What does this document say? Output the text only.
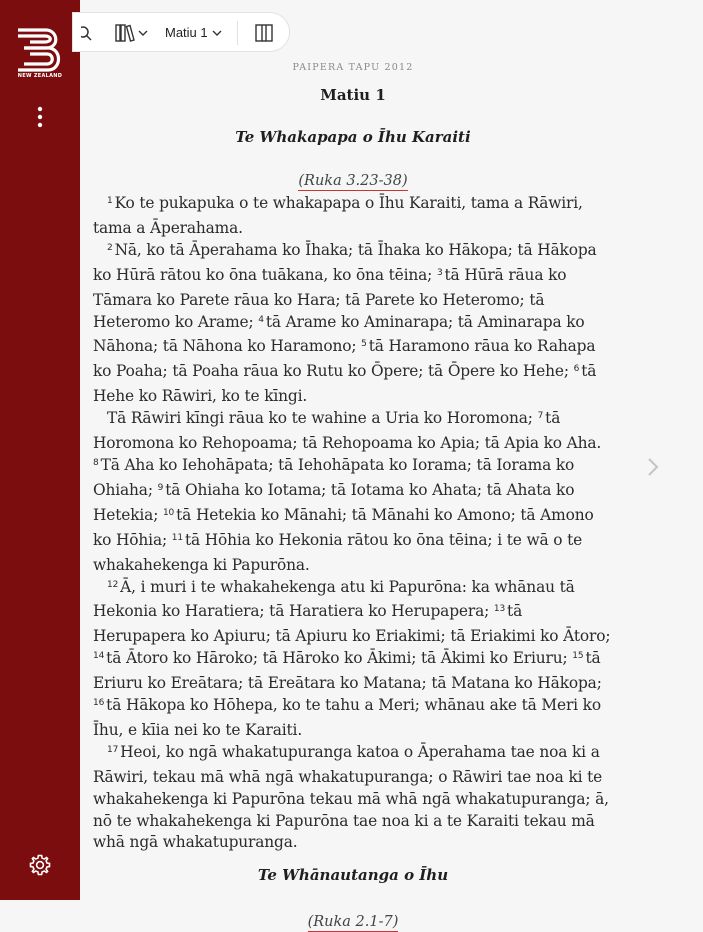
NEW ZEALAND
Matiu 1

PAIPERA TAPU 2012

Matiu 1

Te Whakapapa o Īhu Karaiti

(Ruka 3.23-38)

$^1$ Ko te pukapuka o te whakapapa o Īhu Karaiti, tama a Rāwiri, tama a Āperahama.

$^2$ Nā, ko tā Āperahama ko Īhaka; tā Īhaka ko Hākopa; tā Hākopa ko Hūrā rātou ko ōna tuākana, ko ōna tēina; $^3$ tā Hūrā rāua ko Tāmara ko Parete rāua ko Hara; tā Parete ko Heteromo; tā Heteromo ko Arame; $^4$ tā Arame ko Aminarapa; tā Aminarapa ko Nāhona; tā Nāhona ko Haramono; $^5$ tā Haramono rāua ko Rahapa ko Poaha; tā Poaha rāua ko Rutu ko Ōpere; tā Ōpere ko Hehe; $^6$ tā Hehe ko Rāwiri, ko te kīngi.

Tā Rāwiri kīngi rāua ko te wahine a Uria ko Horomona; $^7$ tā Horomona ko Rehopoama; tā Rehopoama ko Apia; tā Apia ko Aha. $^8$ Tā Aha ko Iehohāpata; tā Iehohāpata ko Iorama; tā Iorama ko Ohiaha; $^9$ tā Ohiaha ko Iotama; tā Iotama ko Ahata; tā Ahata ko Hetekia; $^{10}$ tā Hetekia ko Mānahi; tā Mānahi ko Amono; tā Amono ko Hōhia; $^{11}$ tā Hōhia ko Hekonia rātou ko ōna tēina; i te wā o te whakahekenga ki Papurōna.

$^{12}$ Ā, i muri i te whakahekenga atu ki Papurōna: ka whānau tā Hekonia ko Haratiera; tā Haratiera ko Herupapera; $^{13}$ tā Herupapera ko Apiuru; tā Apiuru ko Eriakimi; tā Eriakimi ko Ātoro; $^{14}$ tā Ātoro ko Hāroko; tā Hāroko ko Ākimi; tā Ākimi ko Eriuru; $^{15}$ tā Eriuru ko Ereātara; tā Ereātara ko Matana; tā Matana ko Hākopa; $^{16}$ tā Hākopa ko Hōhepa, ko te tahu a Meri; whānau ake tā Meri ko Īhu, e kīia nei ko te Karaiti.

$^{17}$ Heoi, ko ngā whakatupuranga katoa o Āperahama tae noa ki a Rāwiri, tekau mā whā ngā whakatupuranga; o Rāwiri tae noa ki te whakahekenga ki Papurōna tekau mā whā ngā whakatupuranga; ā, nō te whakahekenga ki Papurōna tae noa ki a te Karaiti tekau mā whā ngā whakatupuranga.

Te Whānautanga o Īhu

(Ruka 2.1-7)
